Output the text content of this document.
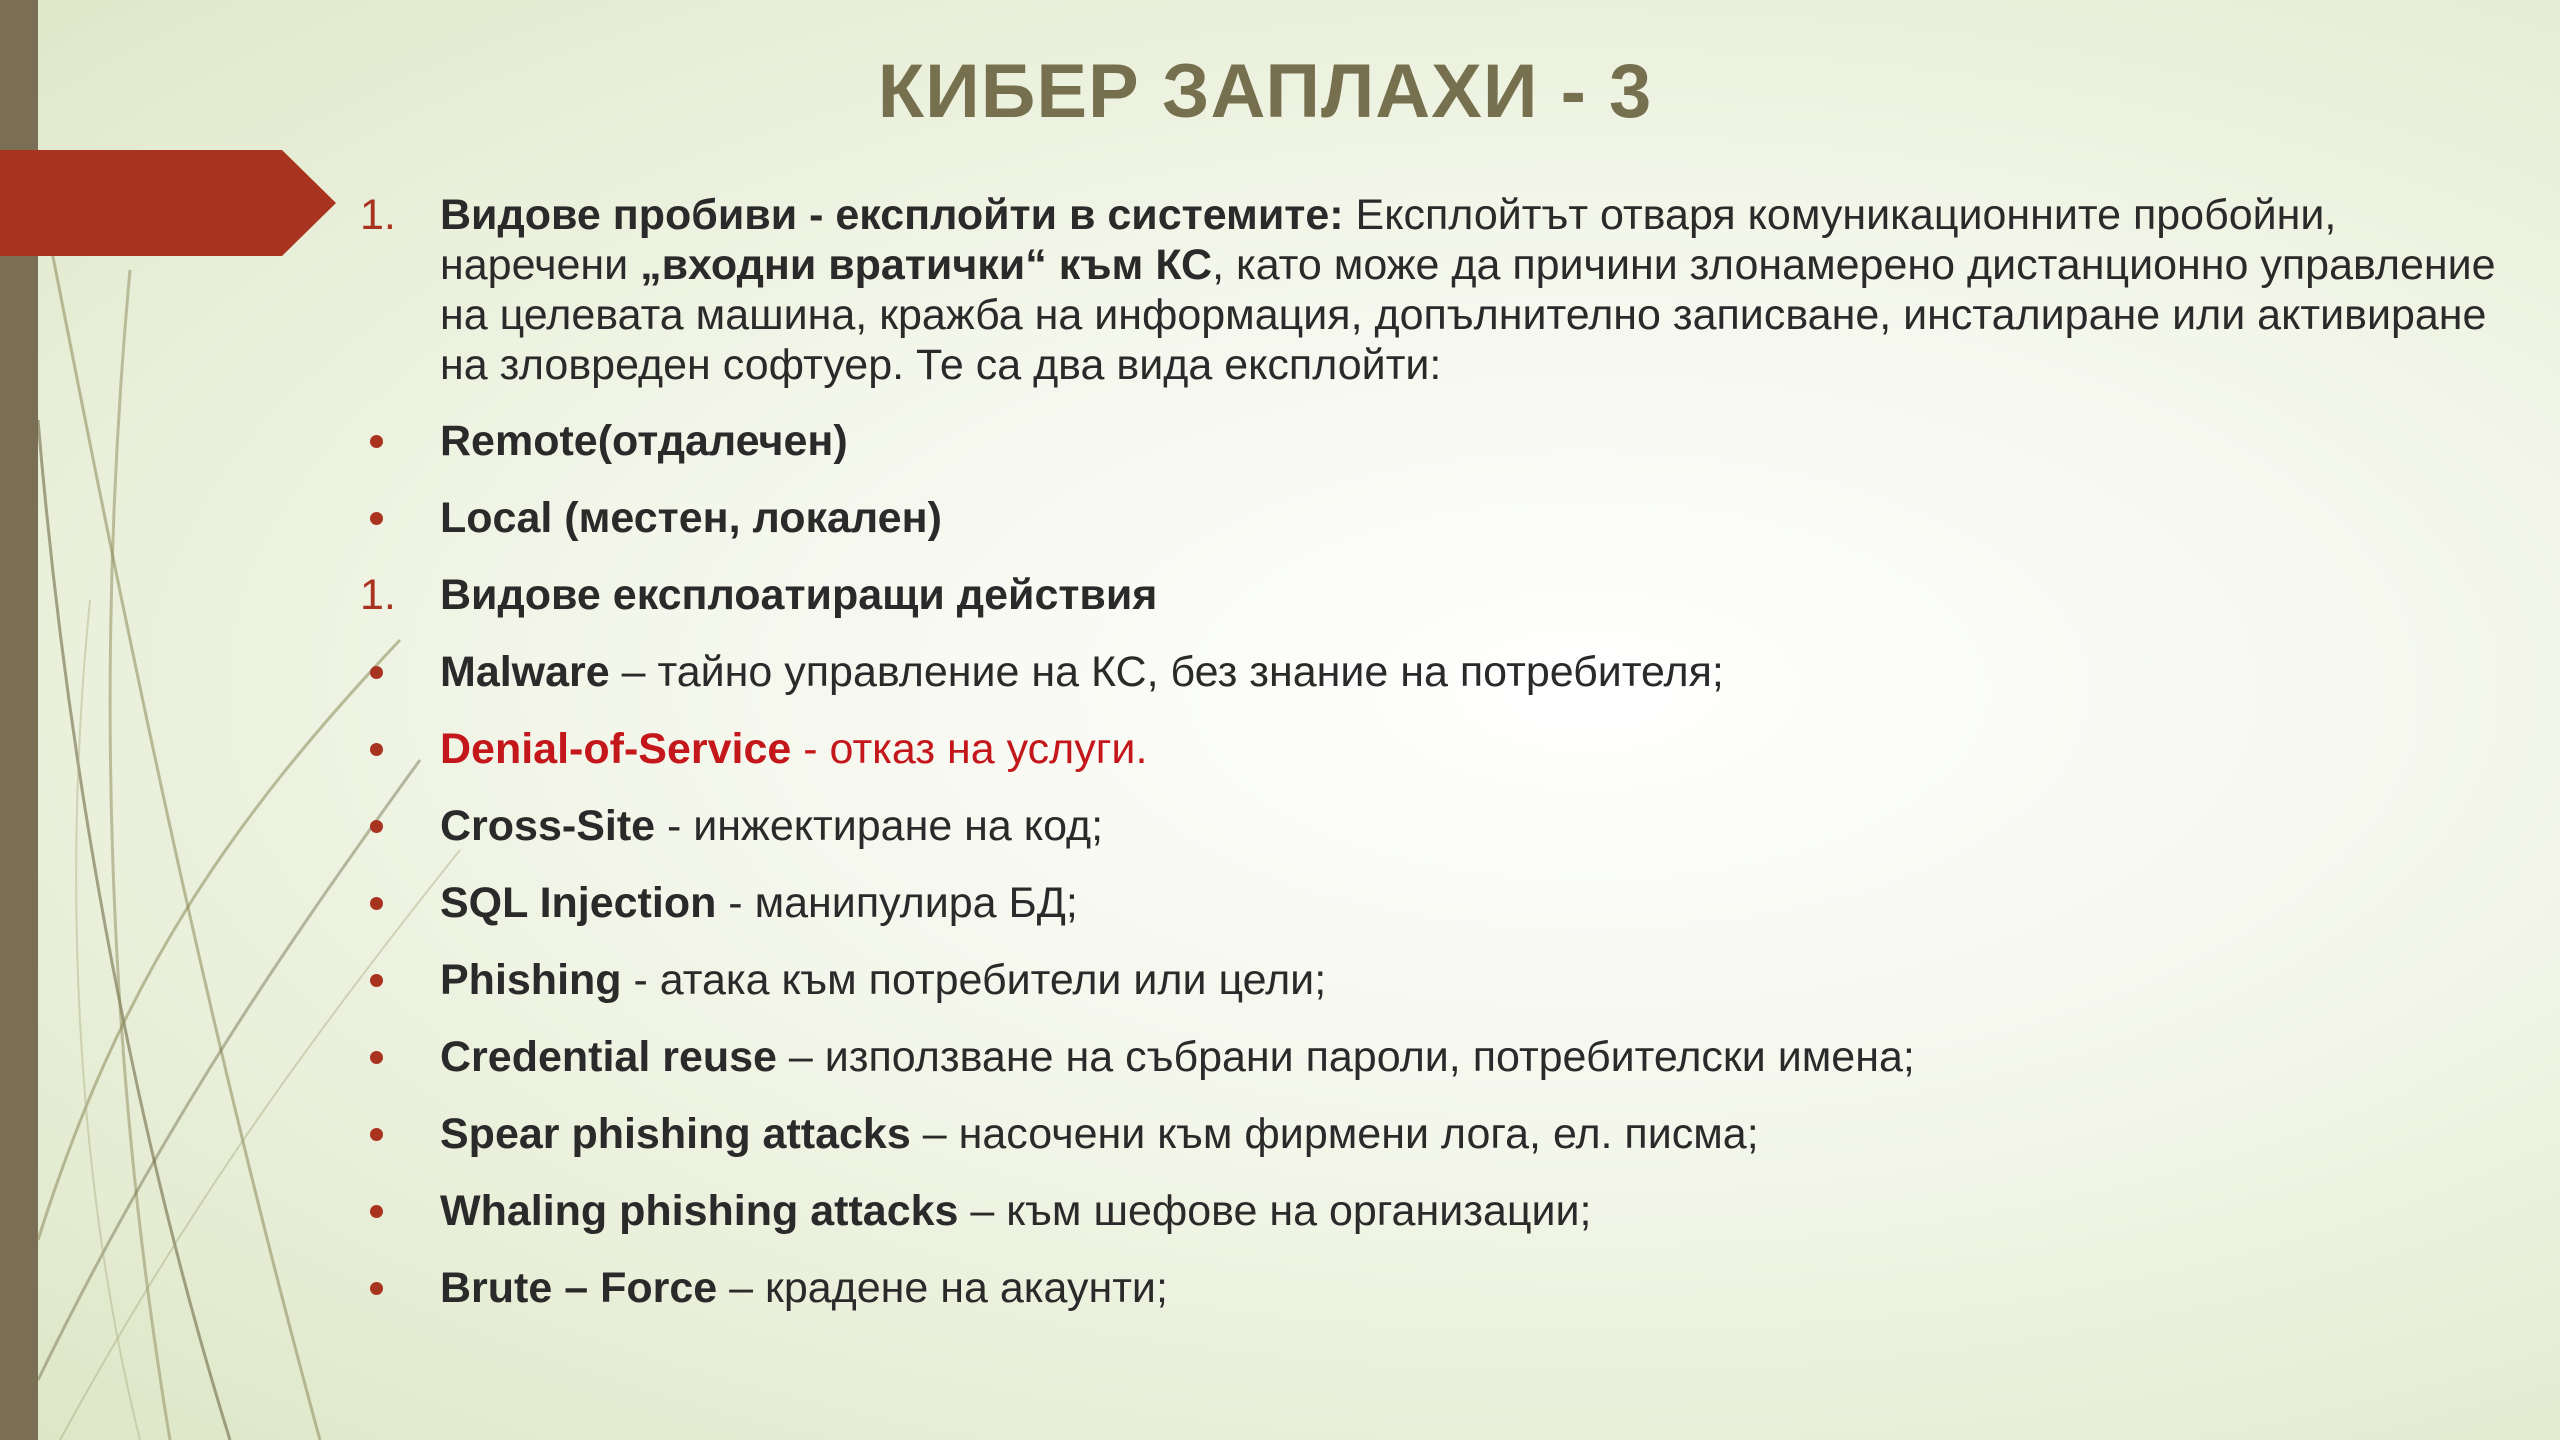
КИБЕР ЗАПЛАХИ - 3
1.	Видове пробиви - експлойти в системите: Експлойтът отваря комуникационните пробойни, наречени „входни вратички“ към КС, като може да причини злонамерено дистанционно управление на целевата машина, кражба на информация, допълнително записване, инсталиране или активиране на зловреден софтуер. Те са два вида експлойти:
Remote(отдалечен)
Local (местен, локален)
1.	Видове експлоатиращи действия
Malware – тайно управление на КС, без знание на потребителя;
Denial-of-Service - отказ на услуги.
Cross-Site - инжектиране на код;
SQL Injection - манипулира БД;
Phishing - атака към потребители или цели;
Credential reuse – използване на събрани пароли, потребителски имена;
Spear phishing attacks – насочени към фирмени лога, ел. писма;
Whaling phishing attacks – към шефове на организации;
Brute – Force – крадене на акаунти;
